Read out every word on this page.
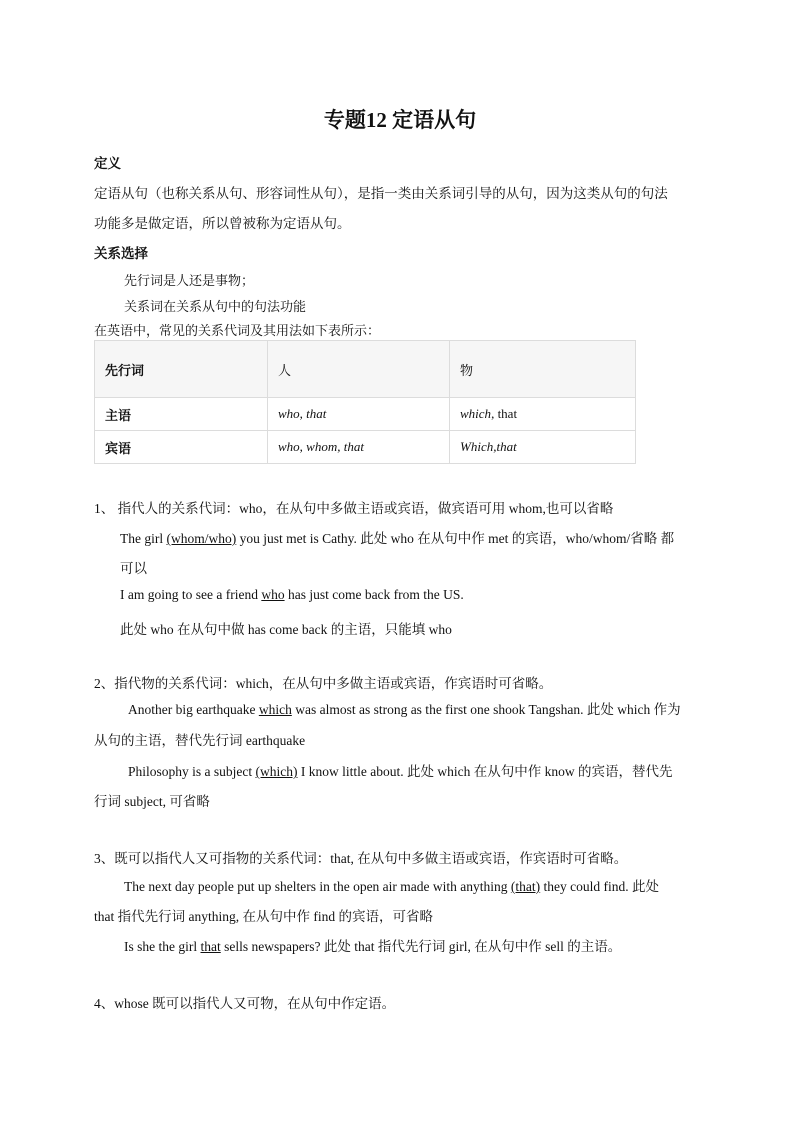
专题12 定语从句
定义
定语从句（也称关系从句、形容词性从句），是指一类由关系词引导的从句，因为这类从句的句法
功能多是做定语，所以曾被称为定语从句。
关系选择
先行词是人还是事物；
关系词在关系从句中的句法功能
在英语中，常见的关系代词及其用法如下表所示：
先行词	人	物
主语	who, that	which, that
宾语	who, whom, that	Which,that
1、 指代人的关系代词：who，在从句中多做主语或宾语，做宾语可用 whom,也可以省略
The girl (whom/who) you just met is Cathy. 此处 who 在从句中作 met 的宾语，who/whom/省略 都
可以
I am going to see a friend who has just come back from the US.
此处 who 在从句中做 has come back 的主语，只能填 who
2、指代物的关系代词：which，在从句中多做主语或宾语，作宾语时可省略。
Another big earthquake which was almost as strong as the first one shook Tangshan. 此处 which 作为
从句的主语，替代先行词 earthquake
Philosophy is a subject (which) I know little about. 此处 which 在从句中作 know 的宾语，替代先
行词 subject, 可省略
3、既可以指代人又可指物的关系代词：that, 在从句中多做主语或宾语，作宾语时可省略。
The next day people put up shelters in the open air made with anything (that) they could find. 此处
that 指代先行词 anything, 在从句中作 find 的宾语，可省略
Is she the girl that sells newspapers? 此处 that 指代先行词 girl, 在从句中作 sell 的主语。
4、whose 既可以指代人又可物，在从句中作定语。
